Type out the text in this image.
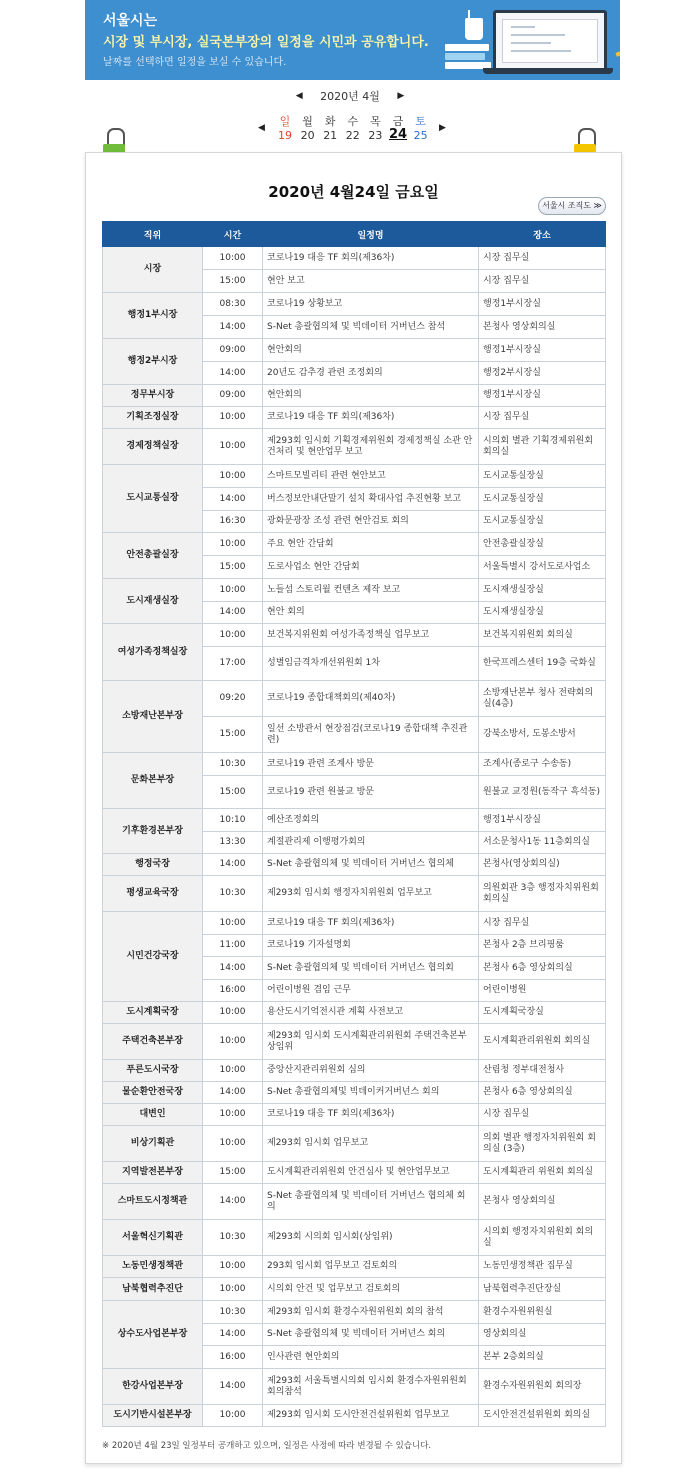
서울시는
시장 및 부시장, 실국본부장의 일정을 시민과 공유합니다.
날짜를 선택하면 일정을 보실 수 있습니다.
◀ 2020년 4월 ▶
◀	▶
일
19
월
20
화
21
수
22
목
23
금
24
토
25
2020년 4월24일 금요일
서울시 조직도 ≫
직위	시간	일정명	장소
시장	10:00	코로나19 대응 TF 회의(제36차)	시장 집무실
	15:00	현안 보고	시장 집무실
행정1부시장	08:30	코로나19 상황보고	행정1부시장실
	14:00	S-Net 총괄협의체 및 빅데이터 거버넌스 참석	본청사 영상회의실
행정2부시장	09:00	현안회의	행정1부시장실
	14:00	20년도 감추경 관련 조정회의	행정2부시장실
정무부시장	09:00	현안회의	행정1부시장실
기획조정실장	10:00	코로나19 대응 TF 회의(제36차)	시장 집무실
경제정책실장	10:00	제293회 임시회 기획경제위원회 경제정책실 소관 안건처리 및 현안업무 보고	시의회 별관 기획경제위원회회의실
도시교통실장	10:00	스마트모빌리티 관련 현안보고	도시교통실장실
	14:00	버스정보안내단말기 설치 확대사업 추진현황 보고	도시교통실장실
	16:30	광화문광장 조성 관련 현안검토 회의	도시교통실장실
안전총괄실장	10:00	주요 현안 간담회	안전총괄실장실
	15:00	도로사업소 현안 간담회	서울특별시 강서도로사업소
도시재생실장	10:00	노들섬 스토리월 컨텐츠 제작 보고	도시재생실장실
	14:00	현안 회의	도시재생실장실
여성가족정책실장	10:00	보건복지위원회 여성가족정책실 업무보고	보건복지위원회 회의실
	17:00	성별임금격차개선위원회 1차	한국프레스센터 19층 국화실
소방재난본부장	09:20	코로나19 종합대책회의(제40차)	소방재난본부 청사 전략회의실(4층)
	15:00	일선 소방관서 현장점검(코로나19 종합대책 추진관련)	강북소방서, 도봉소방서
문화본부장	10:30	코로나19 관련 조계사 방문	조계사(종로구 수송동)
	15:00	코로나19 관련 원불교 방문	원불교 교정원(동작구 흑석동)
기후환경본부장	10:10	예산조정회의	행정1부시장실
	13:30	계절관리제 이행평가회의	서소문청사1동 11층회의실
행정국장	14:00	S-Net 총괄협의체 및 빅데이터 거버넌스 협의체	본청사(영상회의실)
평생교육국장	10:30	제293회 임시회 행정자치위원회 업무보고	의원회관 3층 행정자치위원회 회의실
시민건강국장	10:00	코로나19 대응 TF 회의(제36차)	시장 집무실
	11:00	코로나19 기자설명회	본청사 2층 브리핑룸
	14:00	S-Net 총괄협의체 및 빅데이터 거버넌스 협의회	본청사 6층 영상회의실
	16:00	어린이병원 겸임 근무	어린이병원
도시계획국장	10:00	용산도시기억전시관 계획 사전보고	도시계획국장실
주택건축본부장	10:00	제293회 임시회 도시계획관리위원회 주택건축본부 상임위	도시계획관리위원회 회의실
푸른도시국장	10:00	중앙산지관리위원회 심의	산림청 정부대전청사
물순환안전국장	14:00	S-Net 총괄협의체및 빅데이커거버넌스 회의	본청사 6층 영상회의실
대변인	10:00	코로나19 대응 TF 회의(제36차)	시장 집무실
비상기획관	10:00	제293회 임시회 업무보고	의회 별관 행정자치위원회 회의실 (3층)
지역발전본부장	15:00	도시계획관리위원회 안건심사 및 현안업무보고	도시계획관리 위원회 회의실
스마트도시정책관	14:00	S-Net 총괄협의체 및 빅데이터 거버넌스 협의체 회의	본청사 영상회의실
서울혁신기획관	10:30	제293회 시의회 임시회(상임위)	시의회 행정자치위원회 회의실
노동민생정책관	10:00	293회 임시회 업무보고 검토회의	노동민생정책관 집무실
남북협력추진단	10:00	시의회 안건 및 업무보고 검토회의	남북협력추진단장실
상수도사업본부장	10:30	제293회 임시회 환경수자원위원회 회의 참석	환경수자원위원실
	14:00	S-Net 총괄협의체 및 빅데이터 거버넌스 회의	영상회의실
	16:00	인사관련 현안회의	본부 2층회의실
한강사업본부장	14:00	제293회 서울특별시의회 임시회 환경수자원위원회 회의참석	환경수자원위원회 회의장
도시기반시설본부장	10:00	제293회 임시회 도시안전건설위원회 업무보고	도시안전건설위원회 회의실
※ 2020년 4월 23일 일정부터 공개하고 있으며, 일정은 사정에 따라 변경될 수 있습니다.
